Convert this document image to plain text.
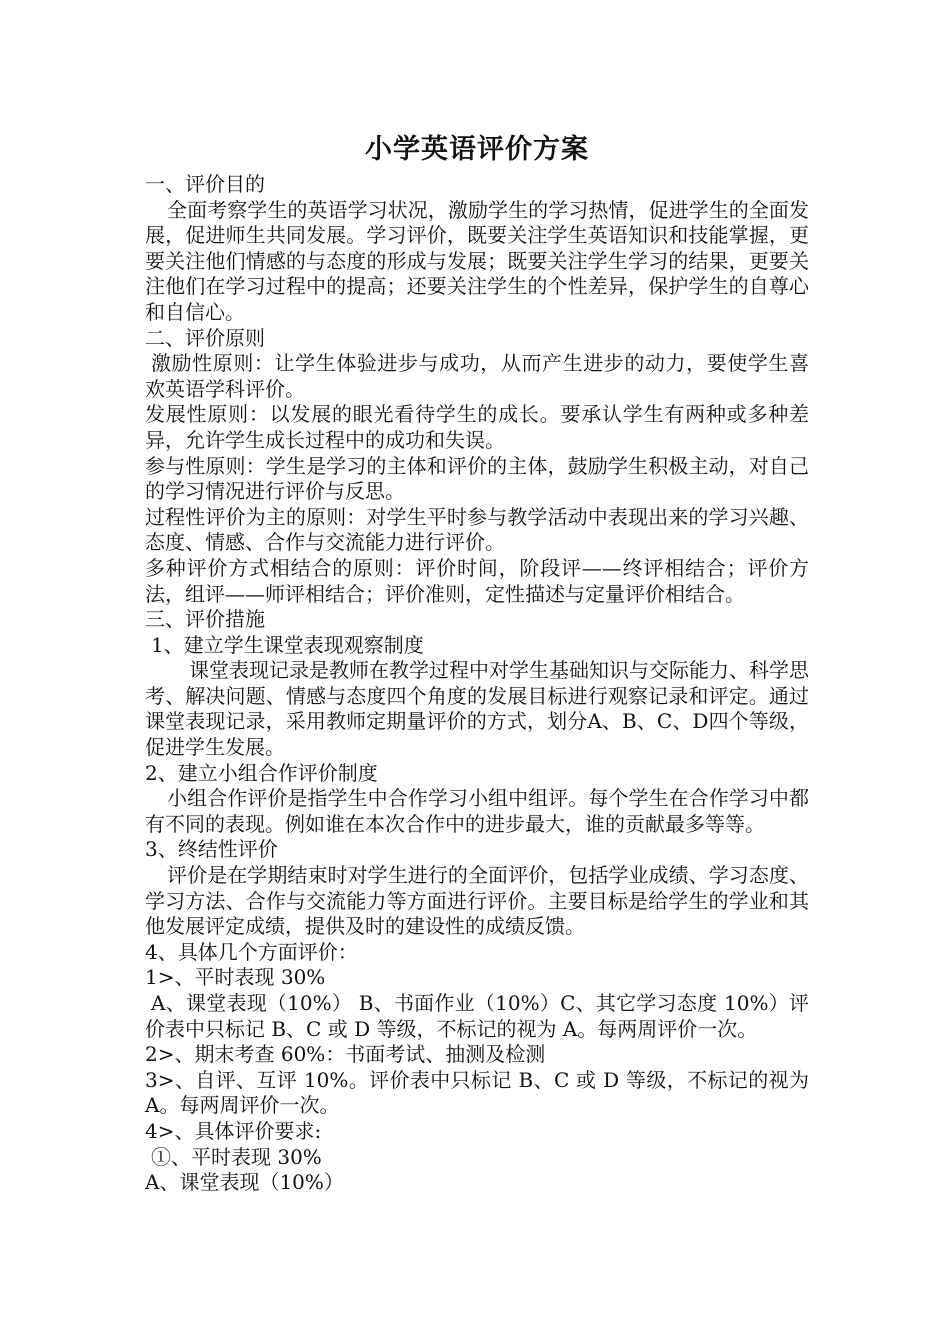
小学英语评价方案

一、评价目的

全面考察学生的英语学习状况，激励学生的学习热情，促进学生的全面发展，促进师生共同发展。学习评价，既要关注学生英语知识和技能掌握，更要关注他们情感的与态度的形成与发展；既要关注学生学习的结果，更要关注他们在学习过程中的提高；还要关注学生的个性差异，保护学生的自尊心和自信心。

二、评价原则

激励性原则：让学生体验进步与成功，从而产生进步的动力，要使学生喜欢英语学科评价。

发展性原则：以发展的眼光看待学生的成长。要承认学生有两种或多种差异，允许学生成长过程中的成功和失误。

参与性原则：学生是学习的主体和评价的主体，鼓励学生积极主动，对自己的学习情况进行评价与反思。

过程性评价为主的原则：对学生平时参与教学活动中表现出来的学习兴趣、态度、情感、合作与交流能力进行评价。

多种评价方式相结合的原则：评价时间，阶段评——终评相结合；评价方法，组评——师评相结合；评价准则，定性描述与定量评价相结合。

三、评价措施

1、建立学生课堂表现观察制度

课堂表现记录是教师在教学过程中对学生基础知识与交际能力、科学思考、解决问题、情感与态度四个角度的发展目标进行观察记录和评定。通过课堂表现记录，采用教师定期量评价的方式，划分A、B、C、D四个等级，促进学生发展。

2、建立小组合作评价制度

小组合作评价是指学生中合作学习小组中组评。每个学生在合作学习中都有不同的表现。例如谁在本次合作中的进步最大，谁的贡献最多等等。

3、终结性评价

评价是在学期结束时对学生进行的全面评价，包括学业成绩、学习态度、学习方法、合作与交流能力等方面进行评价。主要目标是给学生的学业和其他发展评定成绩，提供及时的建设性的成绩反馈。

4、具体几个方面评价：

1>、平时表现 30%

A、课堂表现（10%） B、书面作业（10%）C、其它学习态度 10%）评价表中只标记 B、C 或 D 等级，不标记的视为 A。每两周评价一次。

2>、期末考查 60%：书面考试、抽测及检测

3>、自评、互评 10%。评价表中只标记 B、C 或 D 等级，不标记的视为 A。每两周评价一次。

4>、具体评价要求:

①、平时表现 30%

A、课堂表现（10%）
